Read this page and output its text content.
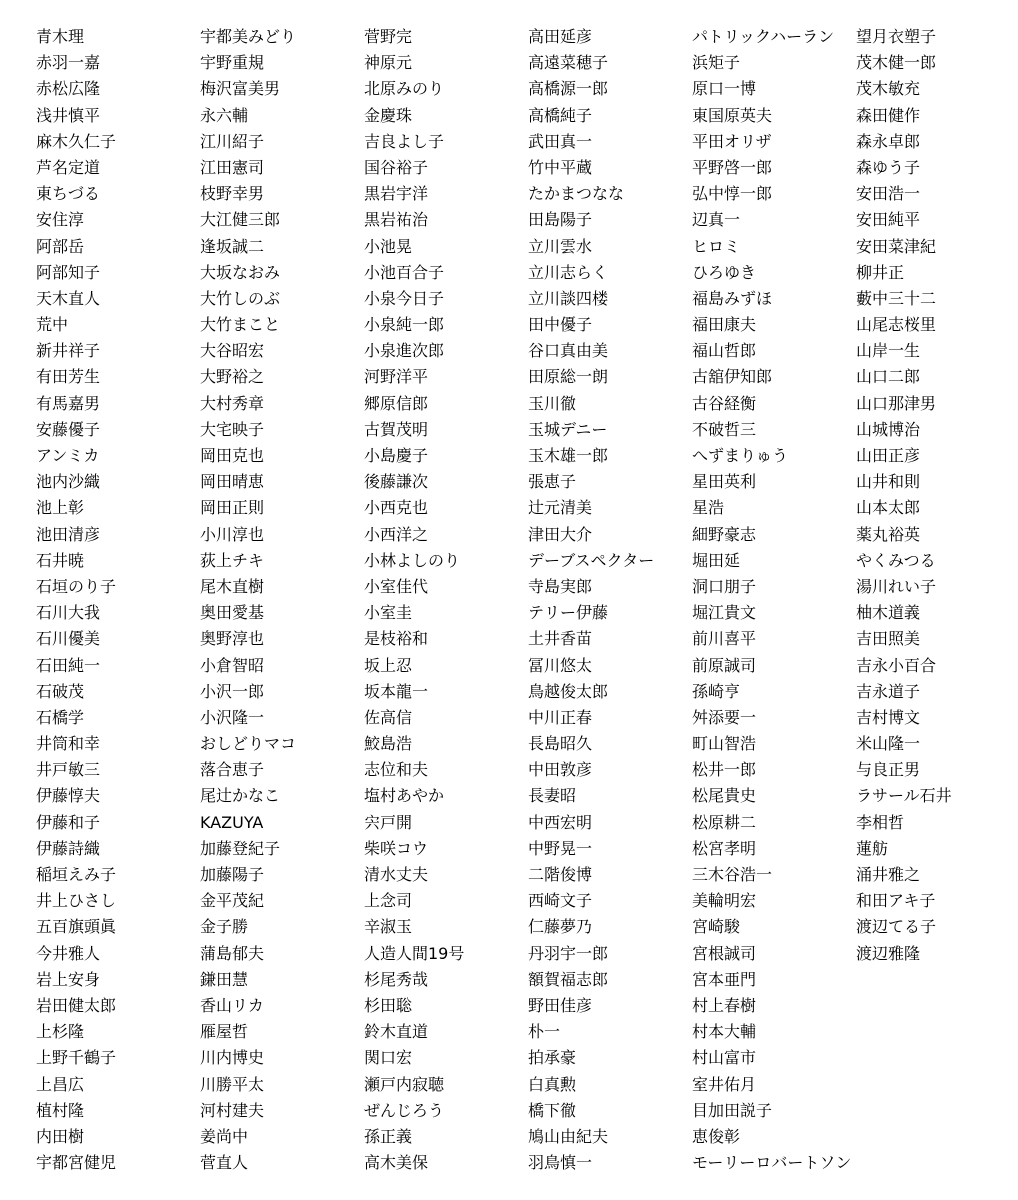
青木理
赤羽一嘉
赤松広隆
浅井慎平
麻木久仁子
芦名定道
東ちづる
安住淳
阿部岳
阿部知子
天木直人
荒中
新井祥子
有田芳生
有馬嘉男
安藤優子
アンミカ
池内沙織
池上彰
池田清彦
石井暁
石垣のり子
石川大我
石川優美
石田純一
石破茂
石橋学
井筒和幸
井戸敏三
伊藤惇夫
伊藤和子
伊藤詩織
稲垣えみ子
井上ひさし
五百旗頭眞
今井雅人
岩上安身
岩田健太郎
上杉隆
上野千鶴子
上昌広
植村隆
内田樹
宇都宮健児
宇都美みどり
宇野重規
梅沢富美男
永六輔
江川紹子
江田憲司
枝野幸男
大江健三郎
逢坂誠二
大坂なおみ
大竹しのぶ
大竹まこと
大谷昭宏
大野裕之
大村秀章
大宅映子
岡田克也
岡田晴恵
岡田正則
小川淳也
荻上チキ
尾木直樹
奥田愛基
奥野淳也
小倉智昭
小沢一郎
小沢隆一
おしどりマコ
落合恵子
尾辻かなこ
KAZUYA
加藤登紀子
加藤陽子
金平茂紀
金子勝
蒲島郁夫
鎌田慧
香山リカ
雁屋哲
川内博史
川勝平太
河村建夫
姜尚中
菅直人
菅野完
神原元
北原みのり
金慶珠
吉良よし子
国谷裕子
黒岩宇洋
黒岩祐治
小池晃
小池百合子
小泉今日子
小泉純一郎
小泉進次郎
河野洋平
郷原信郎
古賀茂明
小島慶子
後藤謙次
小西克也
小西洋之
小林よしのり
小室佳代
小室圭
是枝裕和
坂上忍
坂本龍一
佐高信
鮫島浩
志位和夫
塩村あやか
宍戸開
柴咲コウ
清水丈夫
上念司
辛淑玉
人造人間19号
杉尾秀哉
杉田聡
鈴木直道
関口宏
瀬戸内寂聴
ぜんじろう
孫正義
高木美保
高田延彦
高遠菜穂子
高橋源一郎
高橋純子
武田真一
竹中平蔵
たかまつなな
田島陽子
立川雲水
立川志らく
立川談四楼
田中優子
谷口真由美
田原総一朗
玉川徹
玉城デニー
玉木雄一郎
張恵子
辻元清美
津田大介
デーブスペクター
寺島実郎
テリー伊藤
土井香苗
冨川悠太
鳥越俊太郎
中川正春
長島昭久
中田敦彦
長妻昭
中西宏明
中野晃一
二階俊博
西崎文子
仁藤夢乃
丹羽宇一郎
額賀福志郎
野田佳彦
朴一
拍承豪
白真勲
橋下徹
鳩山由紀夫
羽鳥慎一
パトリックハーラン
浜矩子
原口一博
東国原英夫
平田オリザ
平野啓一郎
弘中惇一郎
辺真一
ヒロミ
ひろゆき
福島みずほ
福田康夫
福山哲郎
古舘伊知郎
古谷経衡
不破哲三
へずまりゅう
星田英利
星浩
細野豪志
堀田延
洞口朋子
堀江貴文
前川喜平
前原誠司
孫崎亨
舛添要一
町山智浩
松井一郎
松尾貴史
松原耕二
松宮孝明
三木谷浩一
美輪明宏
宮崎駿
宮根誠司
宮本亜門
村上春樹
村本大輔
村山富市
室井佑月
目加田説子
恵俊彰
モーリーロバートソン
望月衣塑子
茂木健一郎
茂木敏充
森田健作
森永卓郎
森ゆう子
安田浩一
安田純平
安田菜津紀
柳井正
藪中三十二
山尾志桜里
山岸一生
山口二郎
山口那津男
山城博治
山田正彦
山井和則
山本太郎
薬丸裕英
やくみつる
湯川れい子
柚木道義
吉田照美
吉永小百合
吉永道子
吉村博文
米山隆一
与良正男
ラサール石井
李相哲
蓮舫
涌井雅之
和田アキ子
渡辺てる子
渡辺雅隆
